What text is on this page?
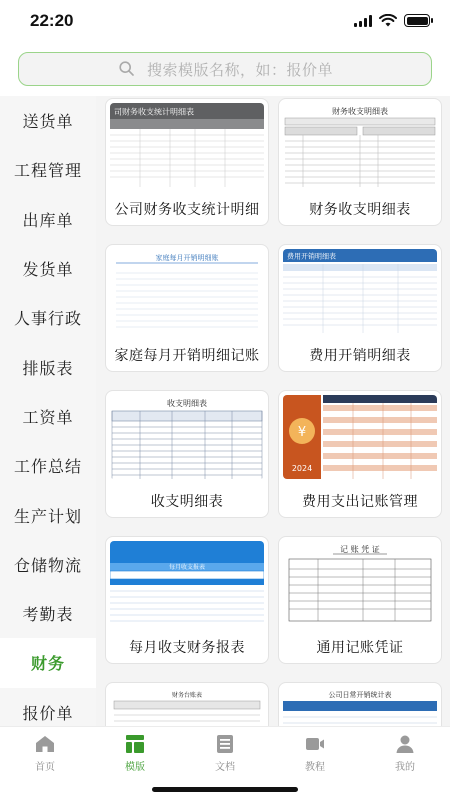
22:20
搜索模版名称，如：报价单
送货单
工程管理
出库单
发货单
人事行政
排版表
工资单
工作总结
生产计划
仓储物流
考勤表
财务
报价单
司财务收支统计明细表
公司财务收支统计明细
财务收支明细表
财务收支明细表
家庭每月开销明细账
家庭每月开销明细记账
费用开销明细表
费用开销明细表
收支明细表
收支明细表
¥
2024
费用支出记账管理
每月收支报表
每月收支财务报表
记 账 凭 证
通用记账凭证
财务台账表	公司日常开销统计表
首页	模版	文档	教程	我的
